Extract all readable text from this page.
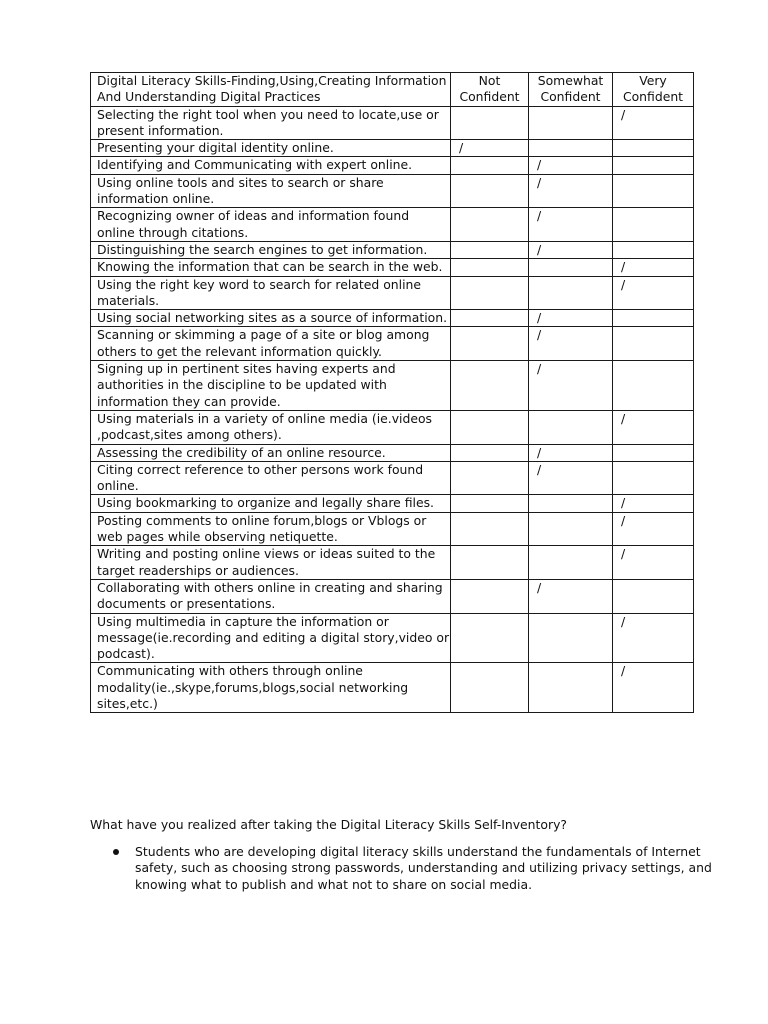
Digital Literacy Skills-Finding,Using,Creating Information
And Understanding Digital Practices	Not Confident	Somewhat Confident	Very Confident
Selecting the right tool when you need to locate,use or present information.			/
Presenting your digital identity online.	/		
Identifying and Communicating with expert online.		/	
Using online tools and sites to search or share information online.		/	
Recognizing owner of ideas and information found online through citations.		/	
Distinguishing the search engines to get information.		/	
Knowing the information that can be search in the web.			/
Using the right key word to search for related online materials.			/
Using social networking sites as a source of information.		/	
Scanning or skimming a page of a site or blog among others to get the relevant information quickly.		/	
Signing up in pertinent sites having experts and authorities in the discipline to be updated with information they can provide.		/	
Using materials in a variety of online media (ie.videos ,podcast,sites among others).			/
Assessing the credibility of an online resource.		/	
Citing correct reference to other persons work found online.		/	
Using bookmarking to organize and legally share files.			/
Posting comments to online forum,blogs or Vblogs or web pages while observing netiquette.			/
Writing and posting online views or ideas suited to the target readerships or audiences.			/
Collaborating with others online in creating and sharing documents or presentations.		/	
Using multimedia in capture the information or message(ie.recording and editing a digital story,video or podcast).			/
Communicating with others through online modality(ie.,skype,forums,blogs,social networking sites,etc.)			/
What have you realized after taking the Digital Literacy Skills Self-Inventory?
Students who are developing digital literacy skills understand the fundamentals of Internet safety, such as choosing strong passwords, understanding and utilizing privacy settings, and knowing what to publish and what not to share on social media.
